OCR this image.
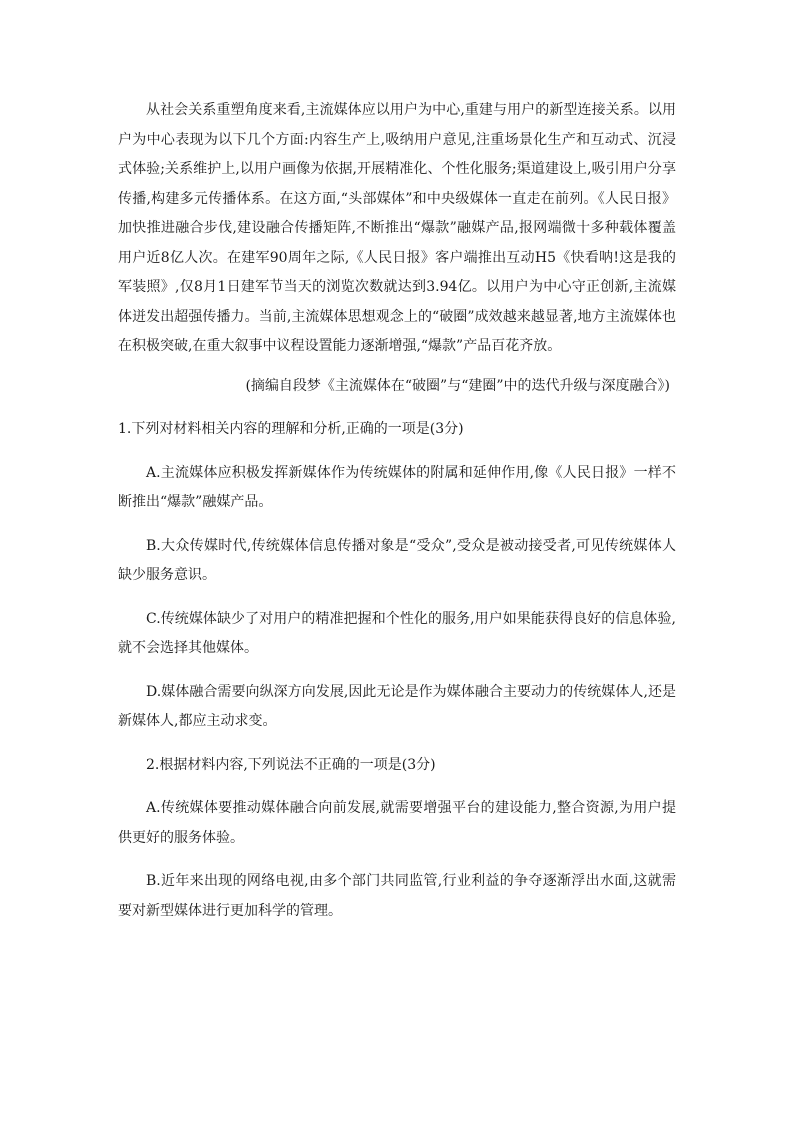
从社会关系重塑角度来看,主流媒体应以用户为中心,重建与用户的新型连接关系。以用户为中心表现为以下几个方面:内容生产上,吸纳用户意见,注重场景化生产和互动式、沉浸式体验;关系维护上,以用户画像为依据,开展精准化、个性化服务;渠道建设上,吸引用户分享传播,构建多元传播体系。在这方面,“头部媒体”和中央级媒体一直走在前列。《人民日报》加快推进融合步伐,建设融合传播矩阵,不断推出“爆款”融媒产品,报网端微十多种载体覆盖用户近8亿人次。在建军90周年之际,《人民日报》客户端推出互动H5《快看呐!这是我的军装照》,仅8月1日建军节当天的浏览次数就达到3.94亿。以用户为中心守正创新,主流媒体迸发出超强传播力。当前,主流媒体思想观念上的“破圈”成效越来越显著,地方主流媒体也在积极突破,在重大叙事中议程设置能力逐渐增强,“爆款”产品百花齐放。

(摘编自段梦《主流媒体在“破圈”与“建圈”中的迭代升级与深度融合》)

1.下列对材料相关内容的理解和分析,正确的一项是(3分)

A.主流媒体应积极发挥新媒体作为传统媒体的附属和延伸作用,像《人民日报》一样不断推出“爆款”融媒产品。

B.大众传媒时代,传统媒体信息传播对象是“受众”,受众是被动接受者,可见传统媒体人缺少服务意识。

C.传统媒体缺少了对用户的精准把握和个性化的服务,用户如果能获得良好的信息体验,就不会选择其他媒体。

D.媒体融合需要向纵深方向发展,因此无论是作为媒体融合主要动力的传统媒体人,还是新媒体人,都应主动求变。

2.根据材料内容,下列说法不正确的一项是(3分)

A.传统媒体要推动媒体融合向前发展,就需要增强平台的建设能力,整合资源,为用户提供更好的服务体验。

B.近年来出现的网络电视,由多个部门共同监管,行业利益的争夺逐渐浮出水面,这就需要对新型媒体进行更加科学的管理。
